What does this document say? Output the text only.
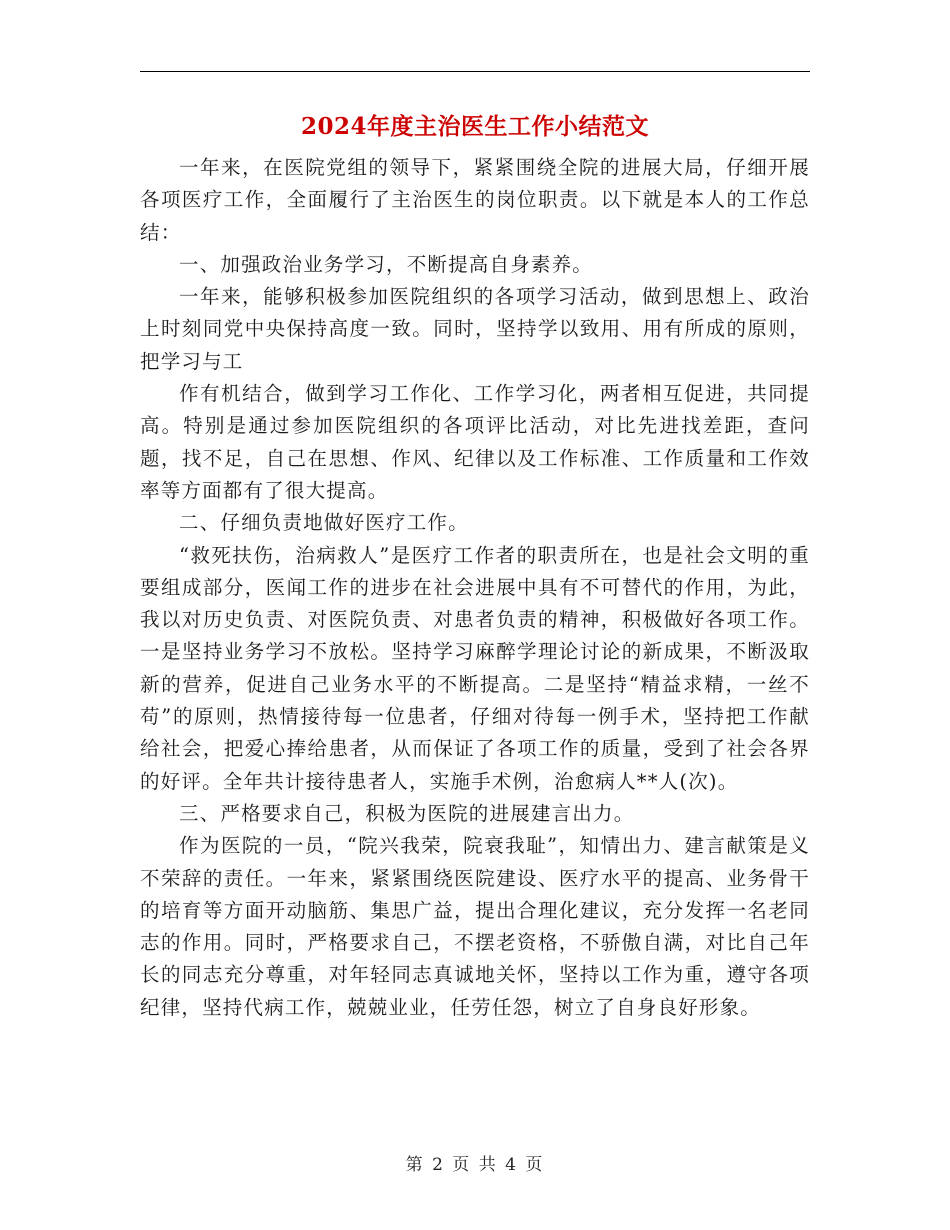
2024年度主治医生工作小结范文

一年来，在医院党组的领导下，紧紧围绕全院的进展大局，仔细开展各项医疗工作，全面履行了主治医生的岗位职责。以下就是本人的工作总结：

一、加强政治业务学习，不断提高自身素养。

一年来，能够积极参加医院组织的各项学习活动，做到思想上、政治上时刻同党中央保持高度一致。同时，坚持学以致用、用有所成的原则，把学习与工

作有机结合，做到学习工作化、工作学习化，两者相互促进，共同提高。特别是通过参加医院组织的各项评比活动，对比先进找差距，查问题，找不足，自己在思想、作风、纪律以及工作标准、工作质量和工作效率等方面都有了很大提高。

二、仔细负责地做好医疗工作。

“救死扶伤，治病救人”是医疗工作者的职责所在，也是社会文明的重要组成部分，医闻工作的进步在社会进展中具有不可替代的作用，为此，我以对历史负责、对医院负责、对患者负责的精神，积极做好各项工作。一是坚持业务学习不放松。坚持学习麻醉学理论讨论的新成果，不断汲取新的营养，促进自己业务水平的不断提高。二是坚持“精益求精，一丝不苟”的原则，热情接待每一位患者，仔细对待每一例手术，坚持把工作献给社会，把爱心捧给患者，从而保证了各项工作的质量，受到了社会各界的好评。全年共计接待患者人，实施手术例，治愈病人**人(次)。

三、严格要求自己，积极为医院的进展建言出力。

作为医院的一员，“院兴我荣，院衰我耻”，知情出力、建言献策是义不荣辞的责任。一年来，紧紧围绕医院建设、医疗水平的提高、业务骨干的培育等方面开动脑筋、集思广益，提出合理化建议，充分发挥一名老同志的作用。同时，严格要求自己，不摆老资格，不骄傲自满，对比自己年长的同志充分尊重，对年轻同志真诚地关怀，坚持以工作为重，遵守各项纪律，坚持代病工作，兢兢业业，任劳任怨，树立了自身良好形象。

第 2 页 共 4 页
